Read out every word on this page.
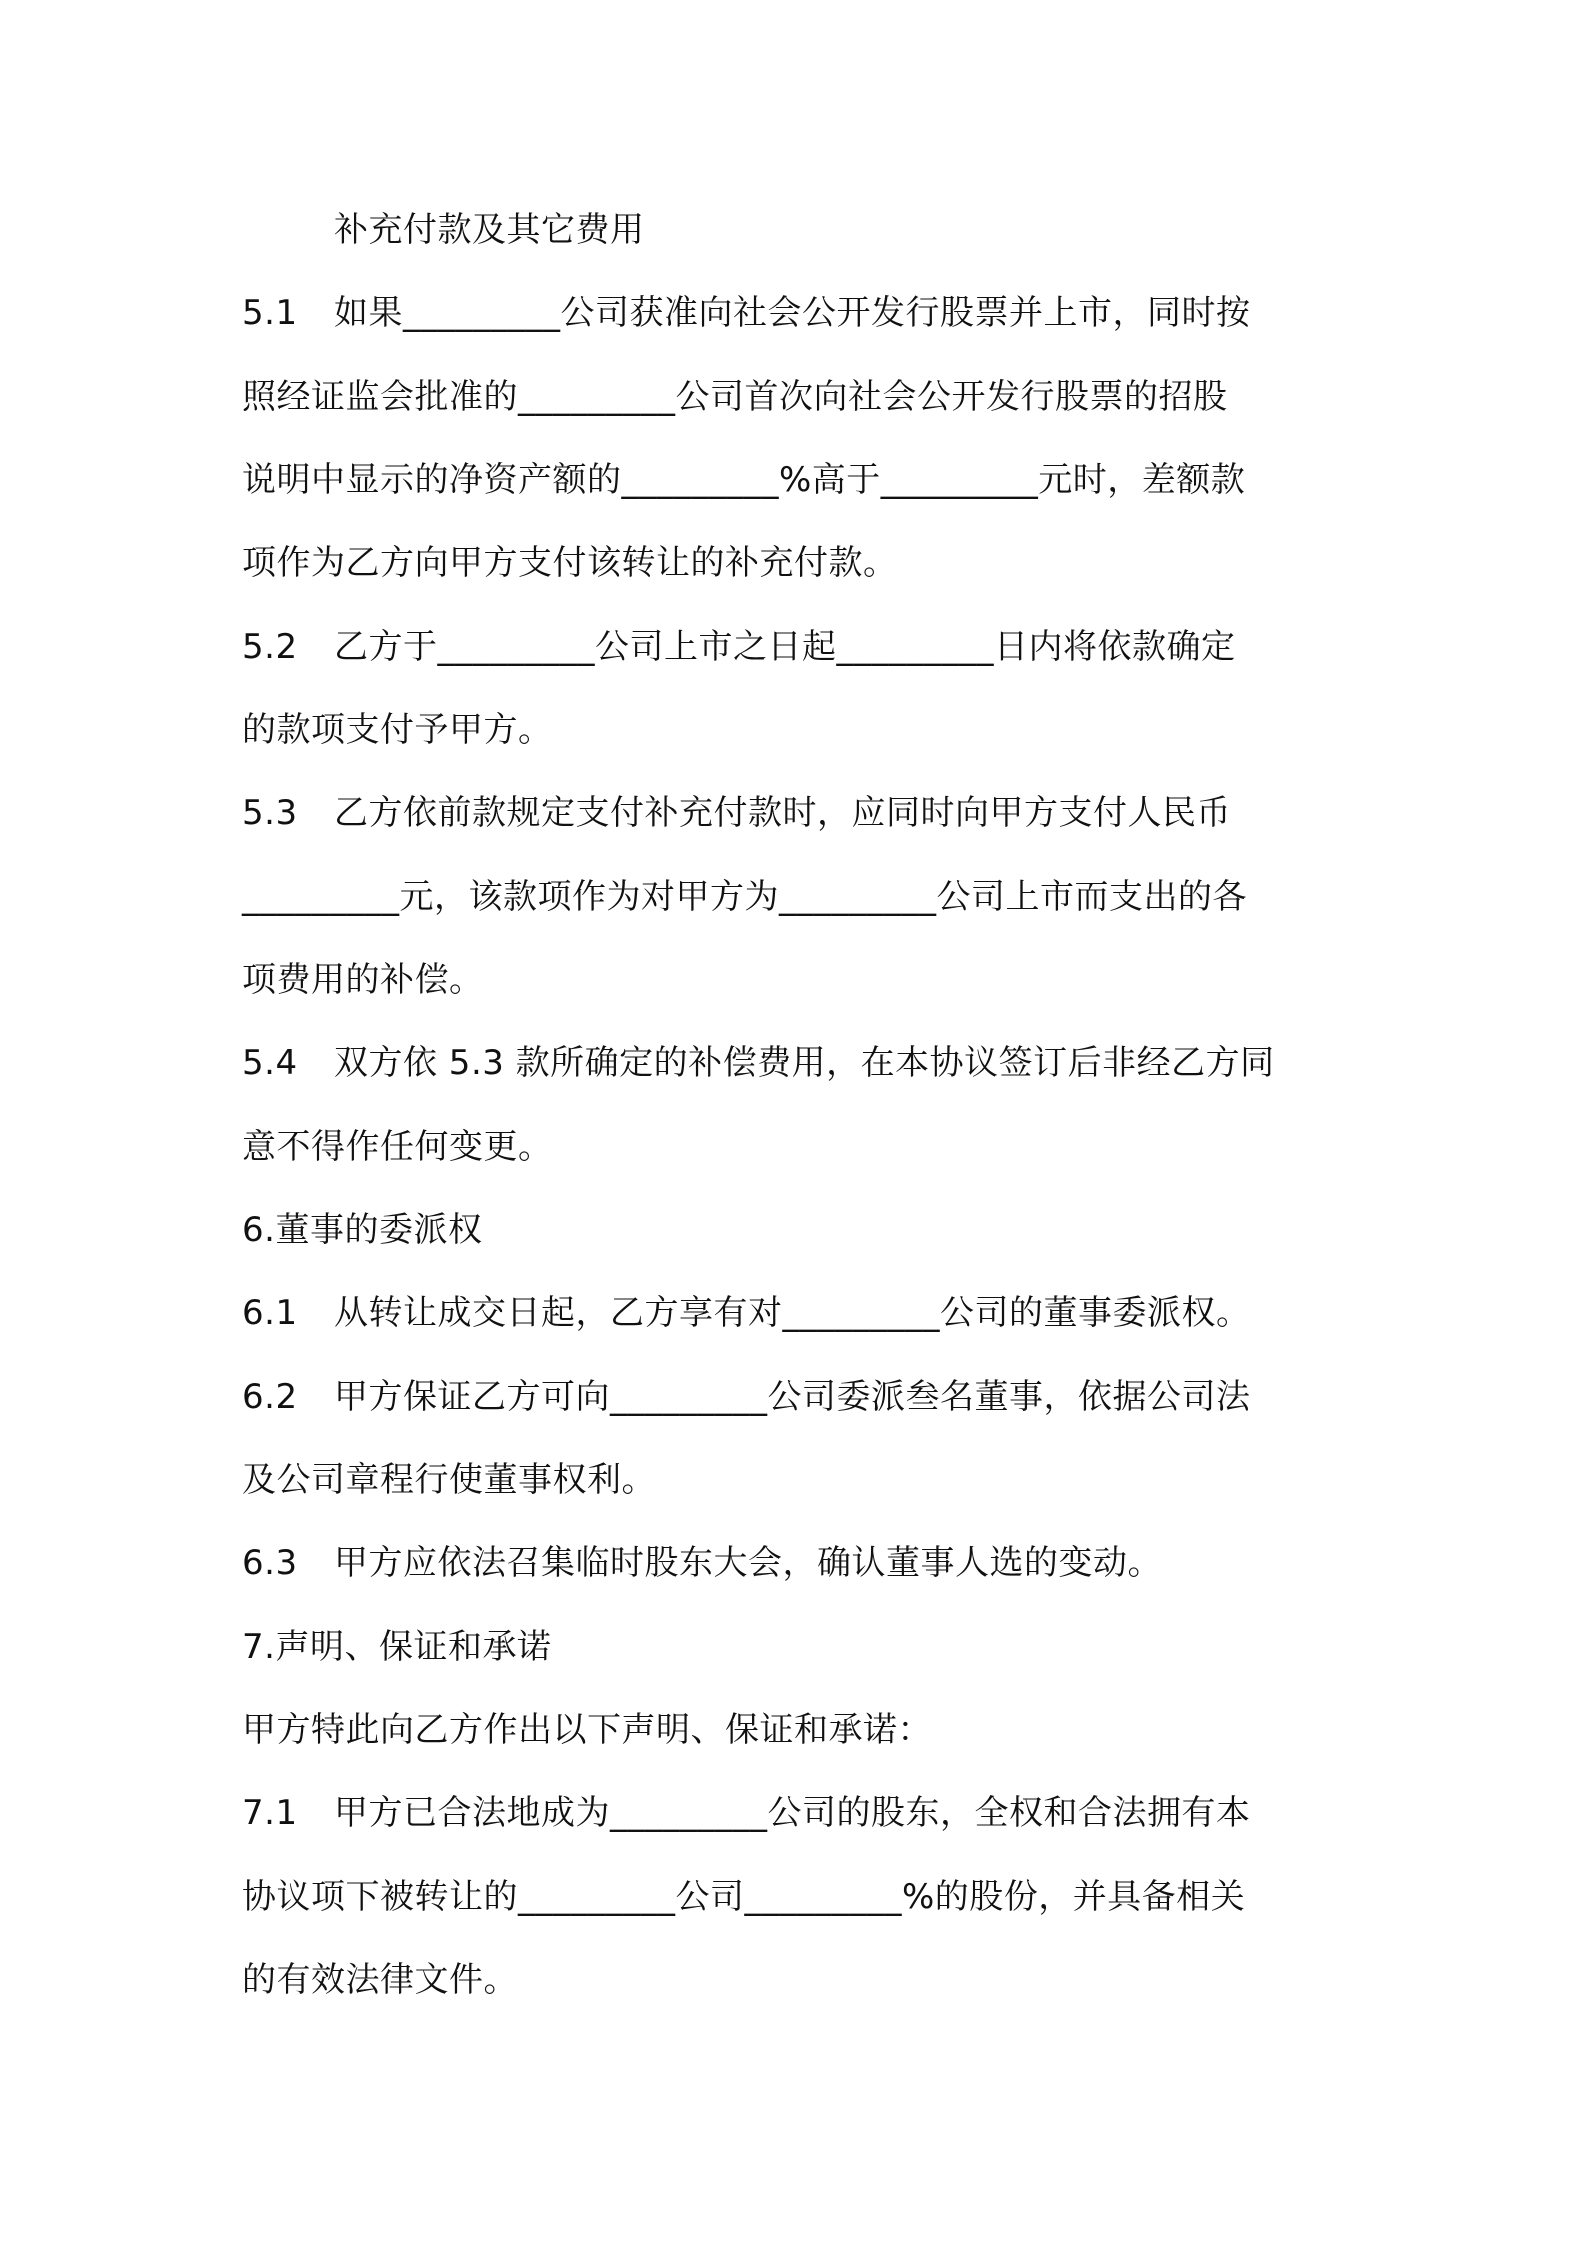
补充付款及其它费用
5.1 如果_________公司获准向社会公开发行股票并上市，同时按
照经证监会批准的_________公司首次向社会公开发行股票的招股
说明中显示的净资产额的_________%高于_________元时，差额款
项作为乙方向甲方支付该转让的补充付款。
5.2 乙方于_________公司上市之日起_________日内将依款确定
的款项支付予甲方。
5.3 乙方依前款规定支付补充付款时，应同时向甲方支付人民币
_________元，该款项作为对甲方为_________公司上市而支出的各
项费用的补偿。
5.4 双方依 5.3 款所确定的补偿费用，在本协议签订后非经乙方同
意不得作任何变更。
6.董事的委派权
6.1 从转让成交日起，乙方享有对_________公司的董事委派权。
6.2 甲方保证乙方可向_________公司委派叁名董事，依据公司法
及公司章程行使董事权利。
6.3 甲方应依法召集临时股东大会，确认董事人选的变动。
7.声明、保证和承诺
甲方特此向乙方作出以下声明、保证和承诺：
7.1 甲方已合法地成为_________公司的股东，全权和合法拥有本
协议项下被转让的_________公司_________%的股份，并具备相关
的有效法律文件。
